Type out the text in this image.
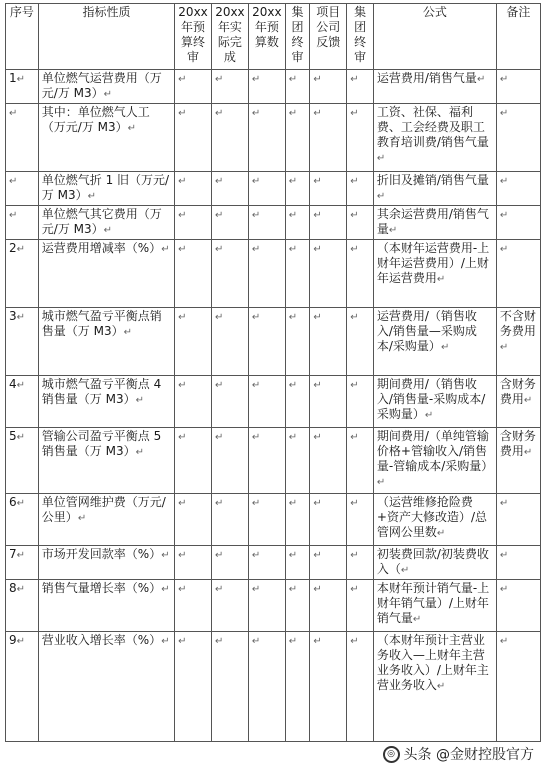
序号	指标性质	20xx年预算终审	20xx年实际完成	20xx年预算数	集团终审	项目公司反馈	集团终审	公式	备注
1↵	单位燃气运营费用（万元/万 M3）↵	↵	↵	↵	↵	↵	↵	运营费用/销售气量↵	↵
↵	其中：单位燃气人工（万元/万 M3）↵	↵	↵	↵	↵	↵	↵	工资、社保、福利费、工会经费及职工教育培训费/销售气量↵	↵
↵	单位燃气折 1 旧（万元/万 M3）↵	↵	↵	↵	↵	↵	↵	折旧及摊销/销售气量↵	↵
↵	单位燃气其它费用（万元/万 M3）↵	↵	↵	↵	↵	↵	↵	其余运营费用/销售气量↵	↵
2↵	运营费用增减率（%）↵	↵	↵	↵	↵	↵	↵	（本财年运营费用-上财年运营费用）/上财年运营费用↵	↵
3↵	城市燃气盈亏平衡点销售量（万 M3）↵	↵	↵	↵	↵	↵	↵	运营费用/（销售收入/销售量—采购成本/采购量）↵	不含财务费用↵
4↵	城市燃气盈亏平衡点 4 销售量（万 M3）↵	↵	↵	↵	↵	↵	↵	期间费用/（销售收入/销售量-采购成本/采购量）↵	含财务费用↵
5↵	管输公司盈亏平衡点 5 销售量（万 M3）↵	↵	↵	↵	↵	↵	↵	期间费用/（单纯管输价格+管输收入/销售量-管输成本/采购量）↵	含财务费用↵
6↵	单位管网维护费（万元/公里）↵	↵	↵	↵	↵	↵	↵	（运营维修抢险费+资产大修改造）/总管网公里数↵	↵
7↵	市场开发回款率（%）↵	↵	↵	↵	↵	↵	↵	初装费回款/初装费收入（↵	↵
8↵	销售气量增长率（%）↵	↵	↵	↵	↵	↵	↵	本财年预计销气量-上财年销气量）/上财年销气量↵	↵
9↵	营业收入增长率（%）↵	↵	↵	↵	↵	↵	↵	（本财年预计主营业务收入—上财年主营业务收入）/上财年主营业务收入↵	↵
◎ 头条 @金财控股官方
